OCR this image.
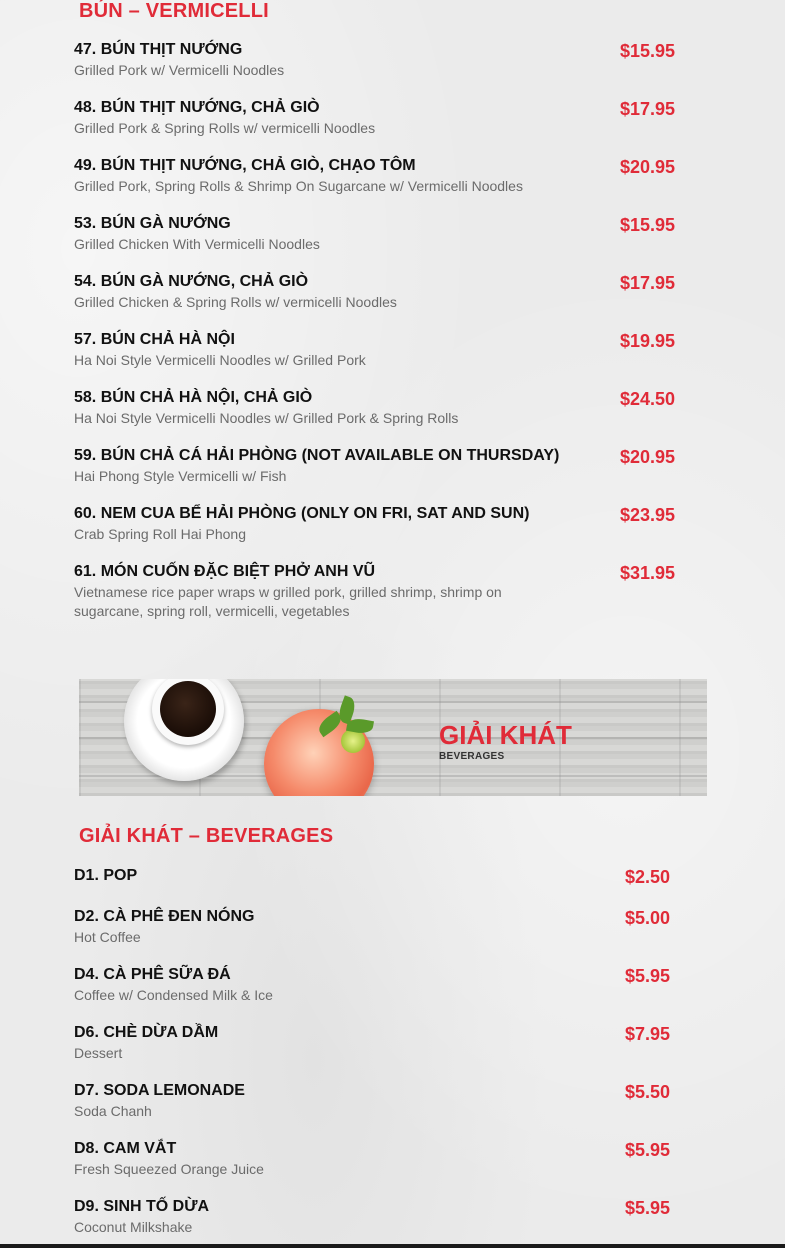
BÚN – VERMICELLI
47. BÚN THỊT NƯỚNG
Grilled Pork w/ Vermicelli Noodles
$15.95
48. BÚN THỊT NƯỚNG, CHẢ GIÒ
Grilled Pork & Spring Rolls w/ vermicelli Noodles
$17.95
49. BÚN THỊT NƯỚNG, CHẢ GIÒ, CHẠO TÔM
Grilled Pork, Spring Rolls & Shrimp On Sugarcane w/ Vermicelli Noodles
$20.95
53. BÚN GÀ NƯỚNG
Grilled Chicken With Vermicelli Noodles
$15.95
54. BÚN GÀ NƯỚNG, CHẢ GIÒ
Grilled Chicken & Spring Rolls w/ vermicelli Noodles
$17.95
57. BÚN CHẢ HÀ NỘI
Ha Noi Style Vermicelli Noodles w/ Grilled Pork
$19.95
58. BÚN CHẢ HÀ NỘI, CHẢ GIÒ
Ha Noi Style Vermicelli Noodles w/ Grilled Pork & Spring Rolls
$24.50
59. BÚN CHẢ CÁ HẢI PHÒNG (NOT AVAILABLE ON THURSDAY)
Hai Phong Style Vermicelli w/ Fish
$20.95
60. NEM CUA BỂ HẢI PHÒNG (ONLY ON FRI, SAT AND SUN)
Crab Spring Roll Hai Phong
$23.95
61. MÓN CUỐN ĐẶC BIỆT PHỞ ANH VŨ
Vietnamese rice paper wraps w grilled pork, grilled shrimp, shrimp on sugarcane, spring roll, vermicelli, vegetables
$31.95
GIẢI KHÁT
BEVERAGES
GIẢI KHÁT – BEVERAGES
D1. POP	$2.50
D2. CÀ PHÊ ĐEN NÓNG
Hot Coffee
$5.00
D4. CÀ PHÊ SỮA ĐÁ
Coffee w/ Condensed Milk & Ice
$5.95
D6. CHÈ DỪA DẦM
Dessert
$7.95
D7. SODA LEMONADE
Soda Chanh
$5.50
D8. CAM VẮT
Fresh Squeezed Orange Juice
$5.95
D9. SINH TỐ DỪA
Coconut Milkshake
$5.95
